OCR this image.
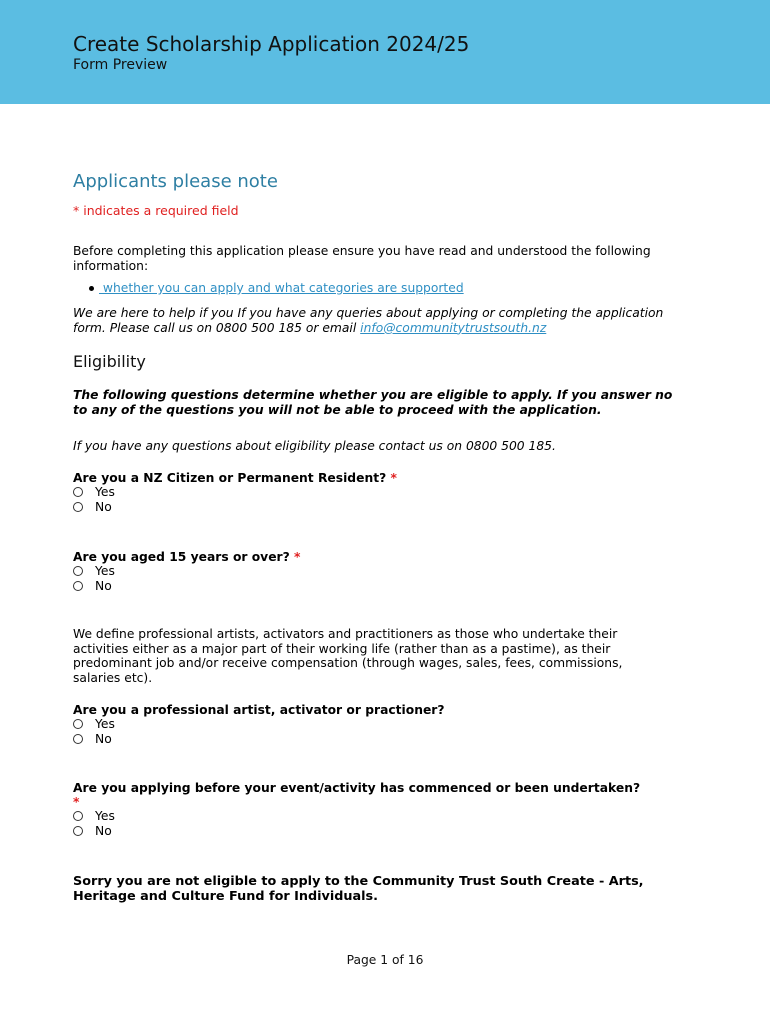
Create Scholarship Application 2024/25
Form Preview
Applicants please note
* indicates a required field
Before completing this application please ensure you have read and understood the following information:
whether you can apply and what categories are supported
We are here to help if you If you have any queries about applying or completing the application form. Please call us on 0800 500 185 or email info@communitytrustsouth.nz
Eligibility
The following questions determine whether you are eligible to apply. If you answer no to any of the questions you will not be able to proceed with the application.
If you have any questions about eligibility please contact us on 0800 500 185.
Are you a NZ Citizen or Permanent Resident? *
Yes
No
Are you aged 15 years or over? *
Yes
No
We define professional artists, activators and practitioners as those who undertake their activities either as a major part of their working life (rather than as a pastime), as their predominant job and/or receive compensation (through wages, sales, fees, commissions, salaries etc).
Are you a professional artist, activator or practioner?
Yes
No
Are you applying before your event/activity has commenced or been undertaken?
*
Yes
No
Sorry you are not eligible to apply to the Community Trust South Create - Arts, Heritage and Culture Fund for Individuals.
Page 1 of 16
